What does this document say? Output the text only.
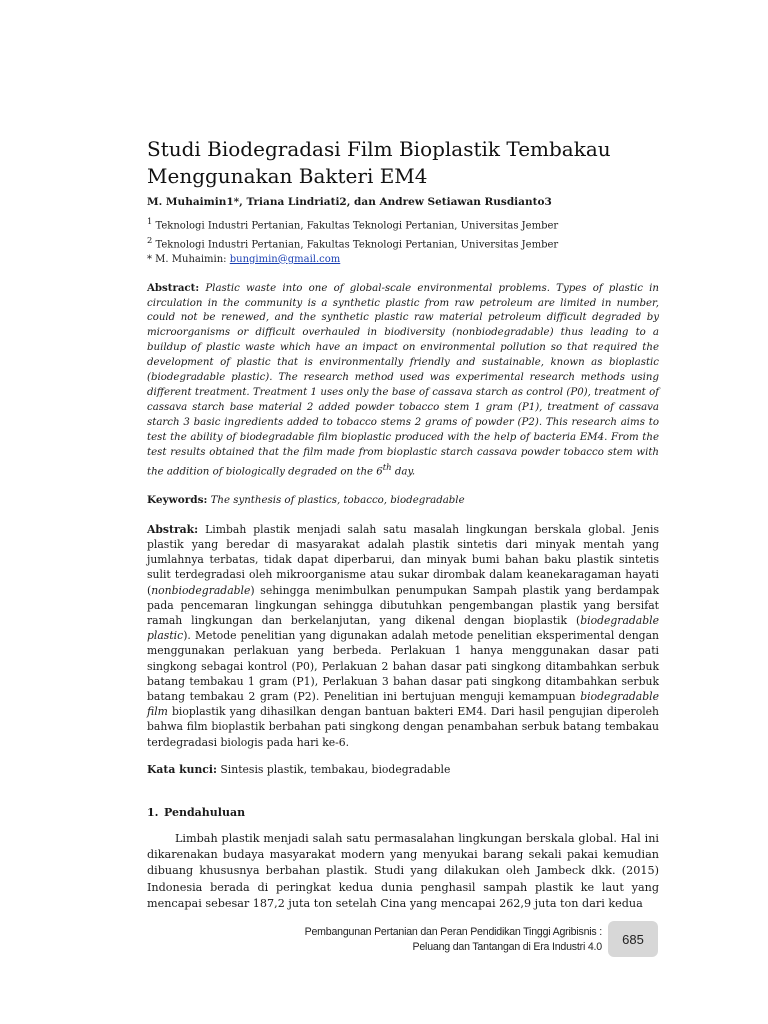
Studi Biodegradasi Film Bioplastik Tembakau
Menggunakan Bakteri EM4
M. Muhaimin1*, Triana Lindriati2, dan Andrew Setiawan Rusdianto3
$^1$ Teknologi Industri Pertanian, Fakultas Teknologi Pertanian, Universitas Jember
$^2$ Teknologi Industri Pertanian, Fakultas Teknologi Pertanian, Universitas Jember
* M. Muhaimin: bungimin@gmail.com
Abstract: Plastic waste into one of global-scale environmental problems. Types of plastic in circulation in the community is a synthetic plastic from raw petroleum are limited in number, could not be renewed, and the synthetic plastic raw material petroleum difficult degraded by microorganisms or difficult overhauled in biodiversity (nonbiodegradable) thus leading to a buildup of plastic waste which have an impact on environmental pollution so that required the development of plastic that is environmentally friendly and sustainable, known as bioplastic (biodegradable plastic). The research method used was experimental research methods using different treatment. Treatment 1 uses only the base of cassava starch as control (P0), treatment of cassava starch base material 2 added powder tobacco stem 1 gram (P1), treatment of cassava starch 3 basic ingredients added to tobacco stems 2 grams of powder (P2). This research aims to test the ability of biodegradable film bioplastic produced with the help of bacteria EM4. From the test results obtained that the film made from bioplastic starch cassava powder tobacco stem with the addition of biologically degraded on the 6th day.
Keywords: The synthesis of plastics, tobacco, biodegradable
Abstrak: Limbah plastik menjadi salah satu masalah lingkungan berskala global. Jenis plastik yang beredar di masyarakat adalah plastik sintetis dari minyak mentah yang jumlahnya terbatas, tidak dapat diperbarui, dan minyak bumi bahan baku plastik sintetis sulit terdegradasi oleh mikroorganisme atau sukar dirombak dalam keanekaragaman hayati (nonbiodegradable) sehingga menimbulkan penumpukan Sampah plastik yang berdampak pada pencemaran lingkungan sehingga dibutuhkan pengembangan plastik yang bersifat ramah lingkungan dan berkelanjutan, yang dikenal dengan bioplastik (biodegradable plastic). Metode penelitian yang digunakan adalah metode penelitian eksperimental dengan menggunakan perlakuan yang berbeda. Perlakuan 1 hanya menggunakan dasar pati singkong sebagai kontrol (P0), Perlakuan 2 bahan dasar pati singkong ditambahkan serbuk batang tembakau 1 gram (P1), Perlakuan 3 bahan dasar pati singkong ditambahkan serbuk batang tembakau 2 gram (P2). Penelitian ini bertujuan menguji kemampuan biodegradable film bioplastik yang dihasilkan dengan bantuan bakteri EM4. Dari hasil pengujian diperoleh bahwa film bioplastik berbahan pati singkong dengan penambahan serbuk batang tembakau terdegradasi biologis pada hari ke-6.
Kata kunci: Sintesis plastik, tembakau, biodegradable
1. Pendahuluan
Limbah plastik menjadi salah satu permasalahan lingkungan berskala global. Hal ini dikarenakan budaya masyarakat modern yang menyukai barang sekali pakai kemudian dibuang khususnya berbahan plastik. Studi yang dilakukan oleh Jambeck dkk. (2015) Indonesia berada di peringkat kedua dunia penghasil sampah plastik ke laut yang mencapai sebesar 187,2 juta ton setelah Cina yang mencapai 262,9 juta ton dari kedua
Pembangunan Pertanian dan Peran Pendidikan Tinggi Agribisnis :
Peluang dan Tantangan di Era Industri 4.0
685
